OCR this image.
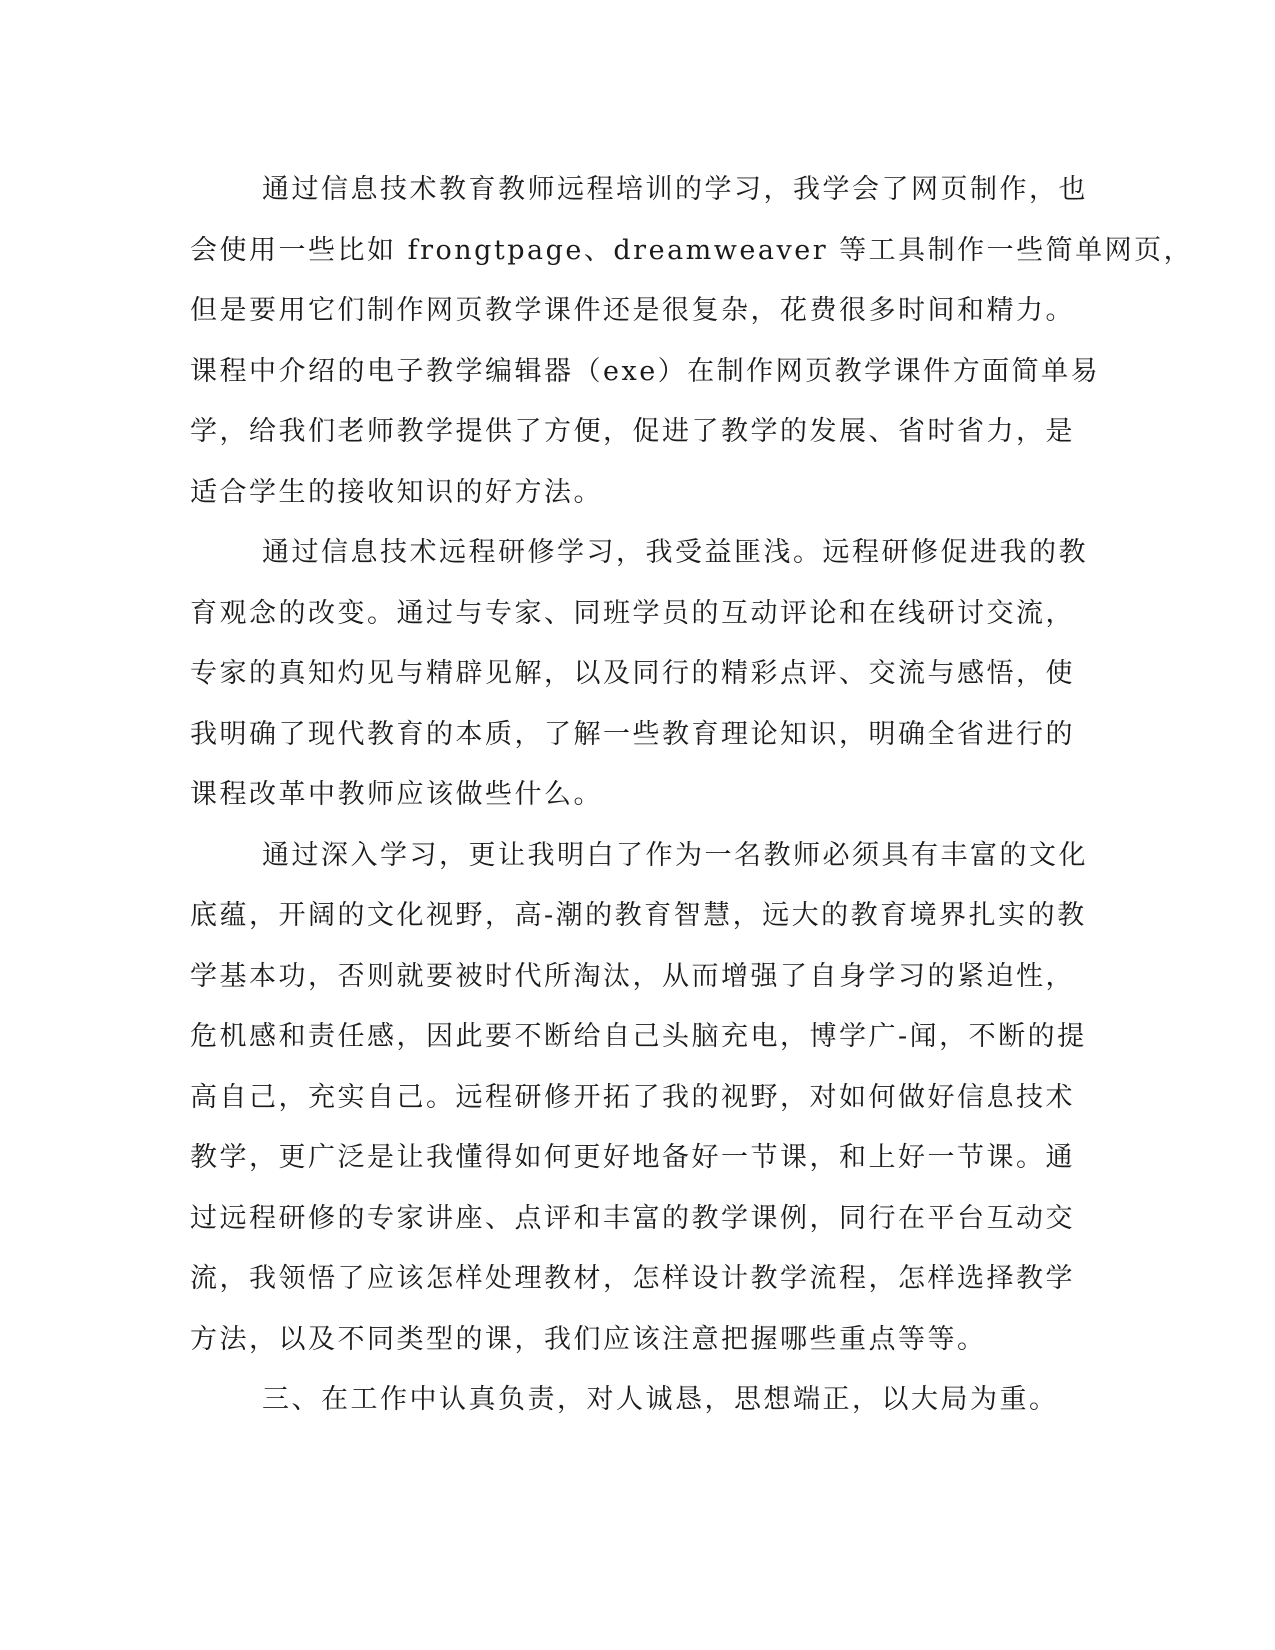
通过信息技术教育教师远程培训的学习，我学会了网页制作，也
会使用一些比如 frongtpage、dreamweaver 等工具制作一些简单网页，
但是要用它们制作网页教学课件还是很复杂，花费很多时间和精力。
课程中介绍的电子教学编辑器（exe）在制作网页教学课件方面简单易
学，给我们老师教学提供了方便，促进了教学的发展、省时省力，是
适合学生的接收知识的好方法。
通过信息技术远程研修学习，我受益匪浅。远程研修促进我的教
育观念的改变。通过与专家、同班学员的互动评论和在线研讨交流，
专家的真知灼见与精辟见解，以及同行的精彩点评、交流与感悟，使
我明确了现代教育的本质，了解一些教育理论知识，明确全省进行的
课程改革中教师应该做些什么。
通过深入学习，更让我明白了作为一名教师必须具有丰富的文化
底蕴，开阔的文化视野，高-潮的教育智慧，远大的教育境界扎实的教
学基本功，否则就要被时代所淘汰，从而增强了自身学习的紧迫性，
危机感和责任感，因此要不断给自己头脑充电，博学广-闻，不断的提
高自己，充实自己。远程研修开拓了我的视野，对如何做好信息技术
教学，更广泛是让我懂得如何更好地备好一节课，和上好一节课。通
过远程研修的专家讲座、点评和丰富的教学课例，同行在平台互动交
流，我领悟了应该怎样处理教材，怎样设计教学流程，怎样选择教学
方法，以及不同类型的课，我们应该注意把握哪些重点等等。
三、在工作中认真负责，对人诚恳，思想端正，以大局为重。
